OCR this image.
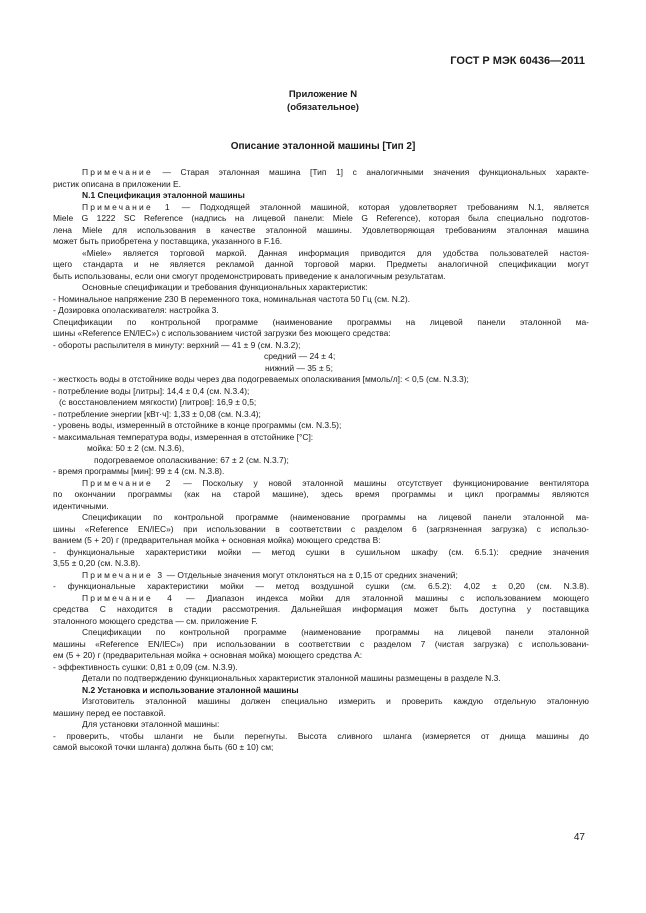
ГОСТ Р МЭК 60436—2011
Приложение N
(обязательное)
Описание эталонной машины [Тип 2]

Примечание — Старая эталонная машина [Тип 1] с аналогичными значения функциональных характе-

ристик описана в приложении E.

N.1 Спецификация эталонной машины

Примечание 1 — Подходящей эталонной машиной, которая удовлетворяет требованиям N.1, является

Miele G 1222 SC Reference (надпись на лицевой панели: Miele G Reference), которая была специально подготов-

лена Miele для использования в качестве эталонной машины. Удовлетворяющая требованиям эталонная машина

может быть приобретена у поставщика, указанного в F.16.

«Miele» является торговой маркой. Данная информация приводится для удобства пользователей настоя-

щего стандарта и не является рекламой данной торговой марки. Предметы аналогичной спецификации могут

быть использованы, если они смогут продемонстрировать приведение к аналогичным результатам.

Основные спецификации и требования функциональных характеристик:

- Номинальное напряжение 230 В переменного тока, номинальная частота 50 Гц (см. N.2).

- Дозировка ополаскивателя: настройка 3.

Спецификации по контрольной программе (наименование программы на лицевой панели эталонной ма-

шины «Reference EN/IEC») с использованием чистой загрузки без моющего средства:

- обороты распылителя в минуту: верхний — 41 ± 9 (см. N.3.2);

средний — 24 ± 4;

нижний — 35 ± 5;

- жесткость воды в отстойнике воды через два подогреваемых ополаскивания [ммоль/л]: < 0,5 (см. N.3.3);

- потребление воды [литры]: 14,4 ± 0,4 (см. N.3.4);

(с восстановлением мягкости) [литров]: 16,9 ± 0,5;

- потребление энергии [кВт·ч]: 1,33 ± 0,08 (см. N.3.4);

- уровень воды, измеренный в отстойнике в конце программы (см. N.3.5);

- максимальная температура воды, измеренная в отстойнике [°С]:

мойка: 50 ± 2 (см. N.3.6),

подогреваемое ополаскивание: 67 ± 2 (см. N.3.7);

- время программы [мин]: 99 ± 4 (см. N.3.8).

Примечание 2 — Поскольку у новой эталонной машины отсутствует функционирование вентилятора

по окончании программы (как на старой машине), здесь время программы и цикл программы являются

идентичными.

Спецификации по контрольной программе (наименование программы на лицевой панели эталонной ма-

шины «Reference EN/IEC») при использовании в соответствии с разделом 6 (загрязненная загрузка) с использо-

ванием (5 + 20) г (предварительная мойка + основная мойка) моющего средства B:

- функциональные характеристики мойки — метод сушки в сушильном шкафу (см. 6.5.1): средние значения

3,55 ± 0,20 (см. N.3.8).

Примечание 3 — Отдельные значения могут отклоняться на ± 0,15 от средних значений;

- функциональные характеристики мойки — метод воздушной сушки (см. 6.5.2): 4,02 ± 0,20 (см. N.3.8).

Примечание 4 — Диапазон индекса мойки для эталонной машины с использованием моющего

средства C находится в стадии рассмотрения. Дальнейшая информация может быть доступна у поставщика

эталонного моющего средства — см. приложение F.

Спецификации по контрольной программе (наименование программы на лицевой панели эталонной

машины «Reference EN/IEC») при использовании в соответствии с разделом 7 (чистая загрузка) с использовани-

ем (5 + 20) г (предварительная мойка + основная мойка) моющего средства A:

- эффективность сушки: 0,81 ± 0,09 (см. N.3.9).

Детали по подтверждению функциональных характеристик эталонной машины размещены в разделе N.3.

N.2 Установка и использование эталонной машины

Изготовитель эталонной машины должен специально измерить и проверить каждую отдельную эталонную

машину перед ее поставкой.

Для установки эталонной машины:

- проверить, чтобы шланги не были перегнуты. Высота сливного шланга (измеряется от днища машины до

самой высокой точки шланга) должна быть (60 ± 10) см;

47
